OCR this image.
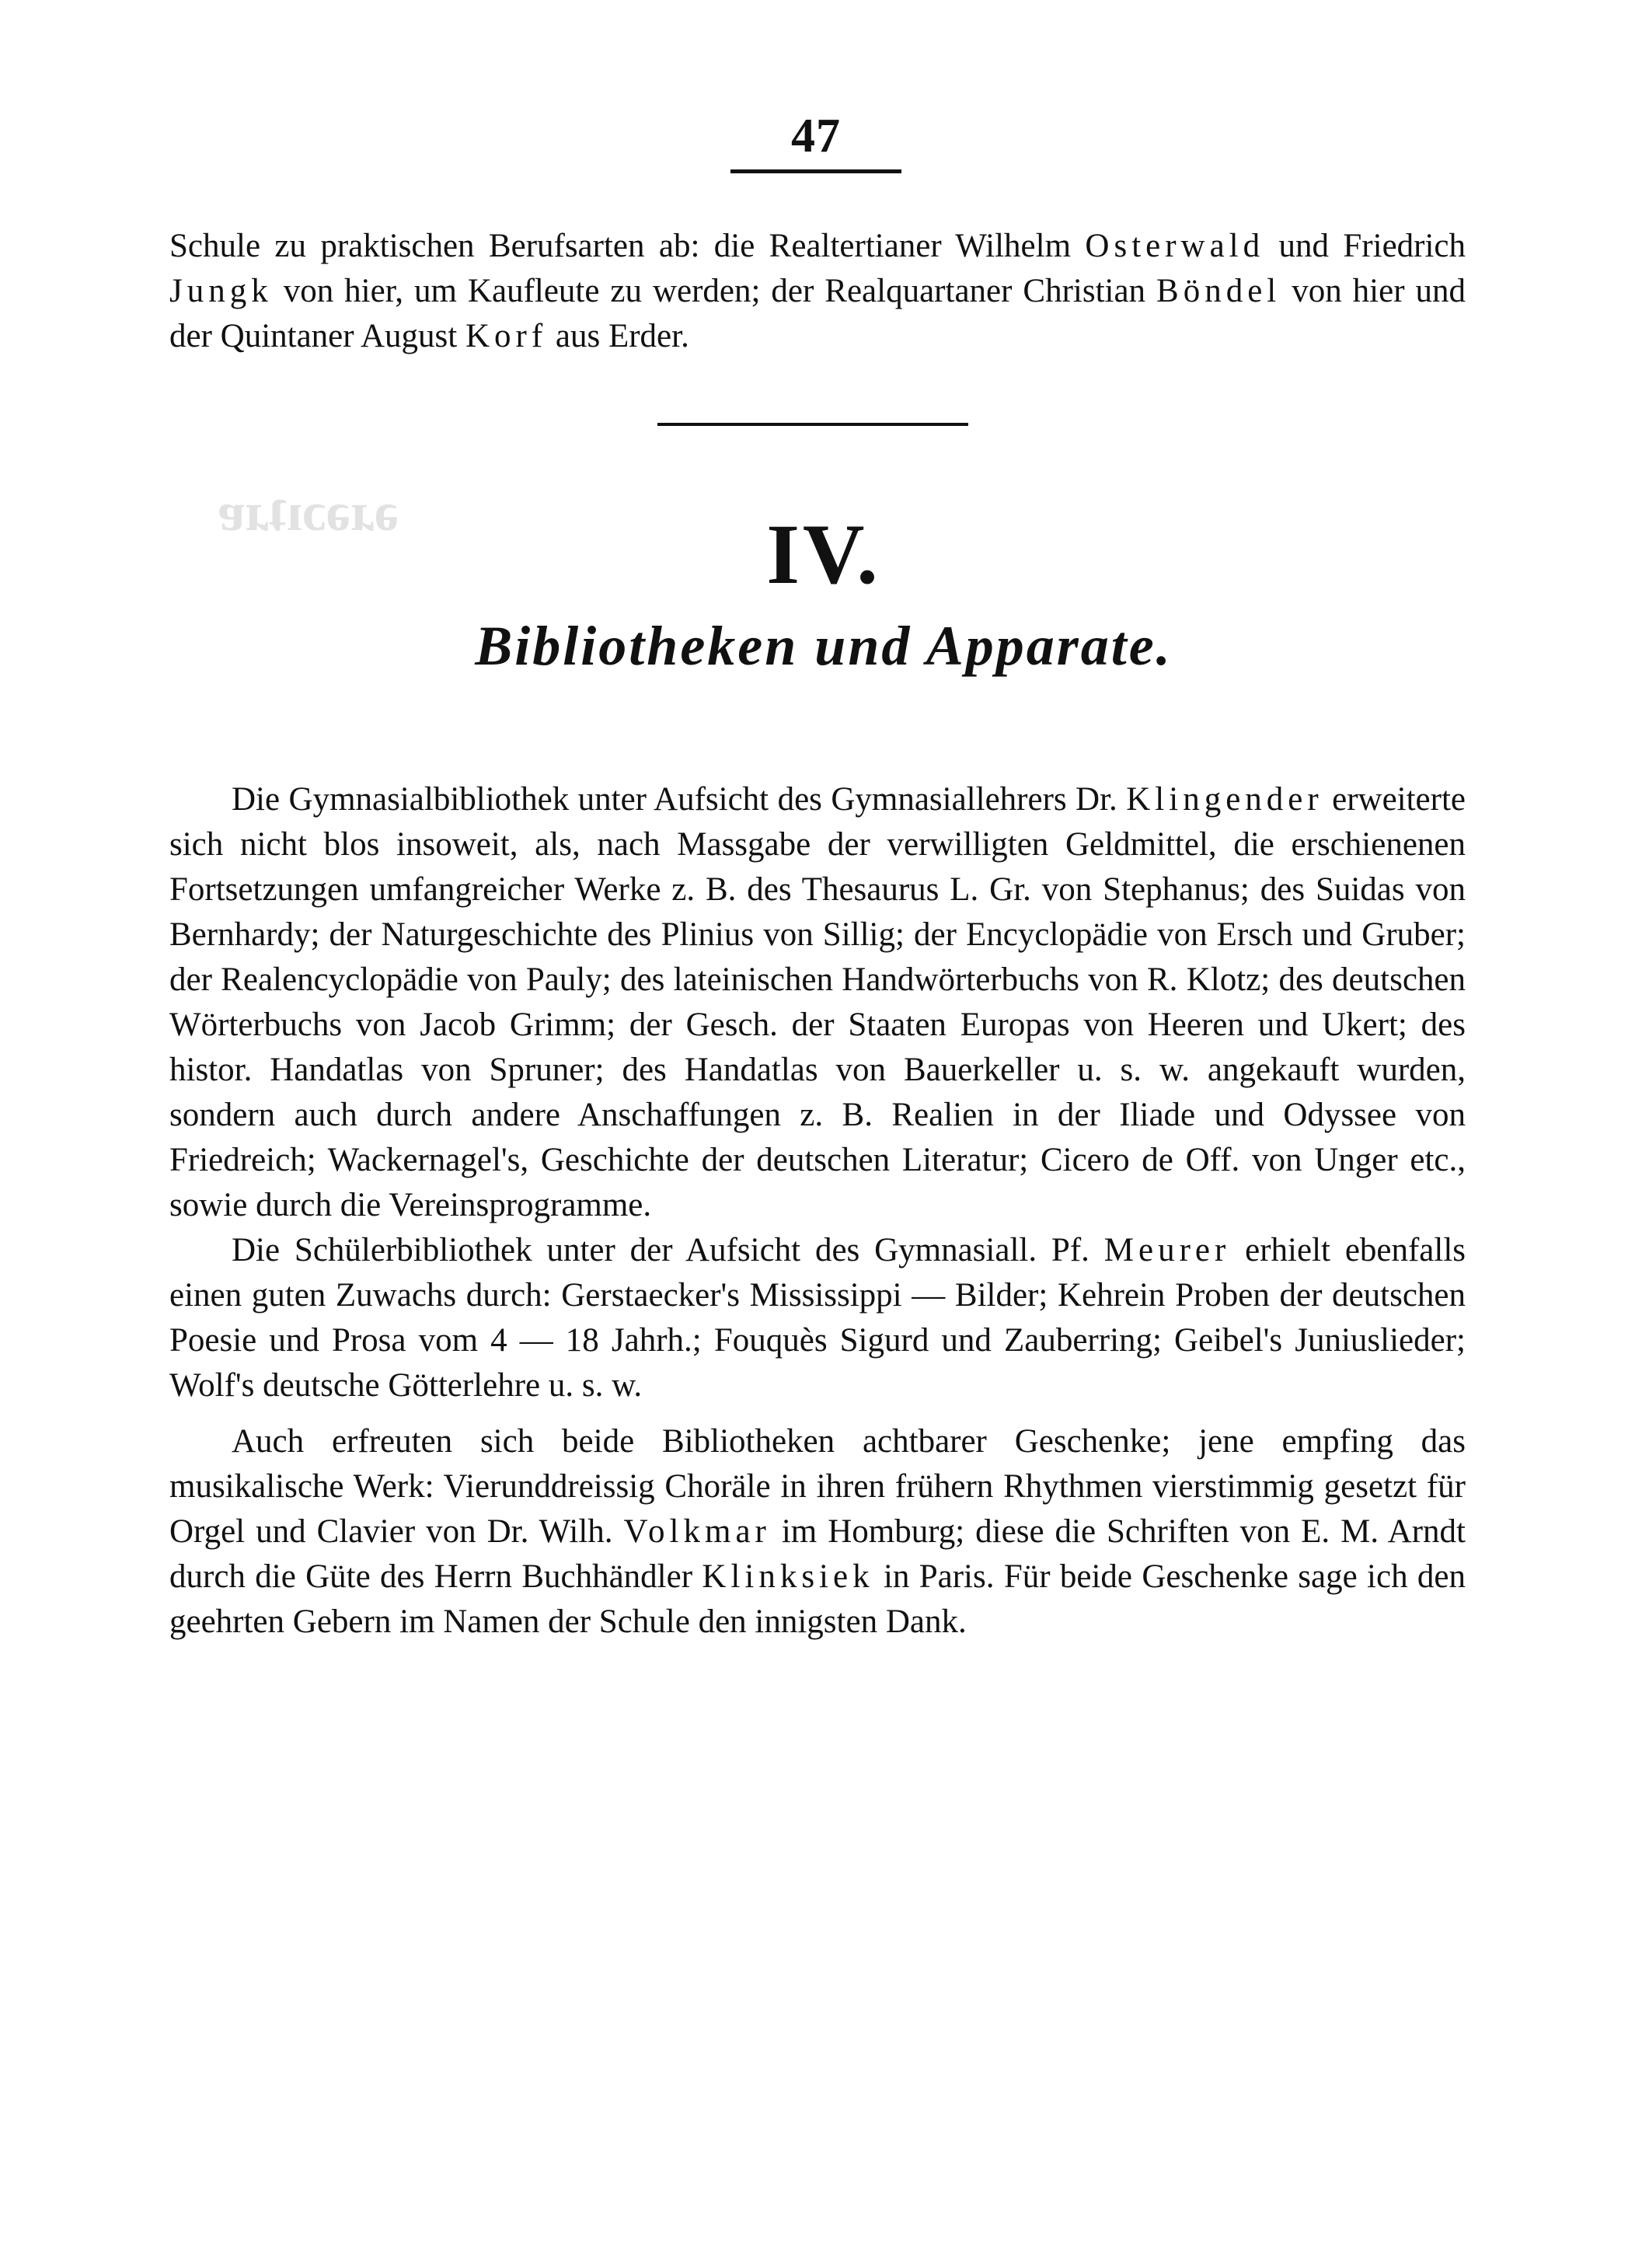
ǝɹǝɔıʇɹɐ
47

Schule zu praktischen Berufsarten ab: die Realtertianer Wilhelm Osterwald und Friedrich Jungk von hier, um Kaufleute zu werden; der Realquartaner Christian Böndel von hier und der Quintaner August Korf aus Erder.

IV.
Bibliotheken und Apparate.

Die Gymnasialbibliothek unter Aufsicht des Gymnasiallehrers Dr. Klingender erweiterte sich nicht blos insoweit, als, nach Massgabe der verwilligten Geldmittel, die erschienenen Fortsetzungen umfangreicher Werke z. B. des Thesaurus L. Gr. von Stephanus; des Suidas von Bernhardy; der Naturgeschichte des Plinius von Sillig; der Encyclopädie von Ersch und Gruber; der Realencyclopädie von Pauly; des lateinischen Handwörterbuchs von R. Klotz; des deutschen Wörterbuchs von Jacob Grimm; der Gesch. der Staaten Europas von Heeren und Ukert; des histor. Handatlas von Spruner; des Handatlas von Bauerkeller u. s. w. angekauft wurden, sondern auch durch andere Anschaffungen z. B. Realien in der Iliade und Odyssee von Friedreich; Wackernagel's, Geschichte der deutschen Literatur; Cicero de Off. von Unger etc., sowie durch die Vereinsprogramme.

Die Schülerbibliothek unter der Aufsicht des Gymnasiall. Pf. Meurer erhielt ebenfalls einen guten Zuwachs durch: Gerstaecker's Mississippi — Bilder; Kehrein Proben der deutschen Poesie und Prosa vom 4 — 18 Jahrh.; Fouquès Sigurd und Zauberring; Geibel's Juniuslieder; Wolf's deutsche Götterlehre u. s. w.

Auch erfreuten sich beide Bibliotheken achtbarer Geschenke; jene empfing das musikalische Werk: Vierunddreissig Choräle in ihren frühern Rhythmen vierstimmig gesetzt für Orgel und Clavier von Dr. Wilh. Volkmar im Homburg; diese die Schriften von E. M. Arndt durch die Güte des Herrn Buchhändler Klinksiek in Paris. Für beide Geschenke sage ich den geehrten Gebern im Namen der Schule den innigsten Dank.
